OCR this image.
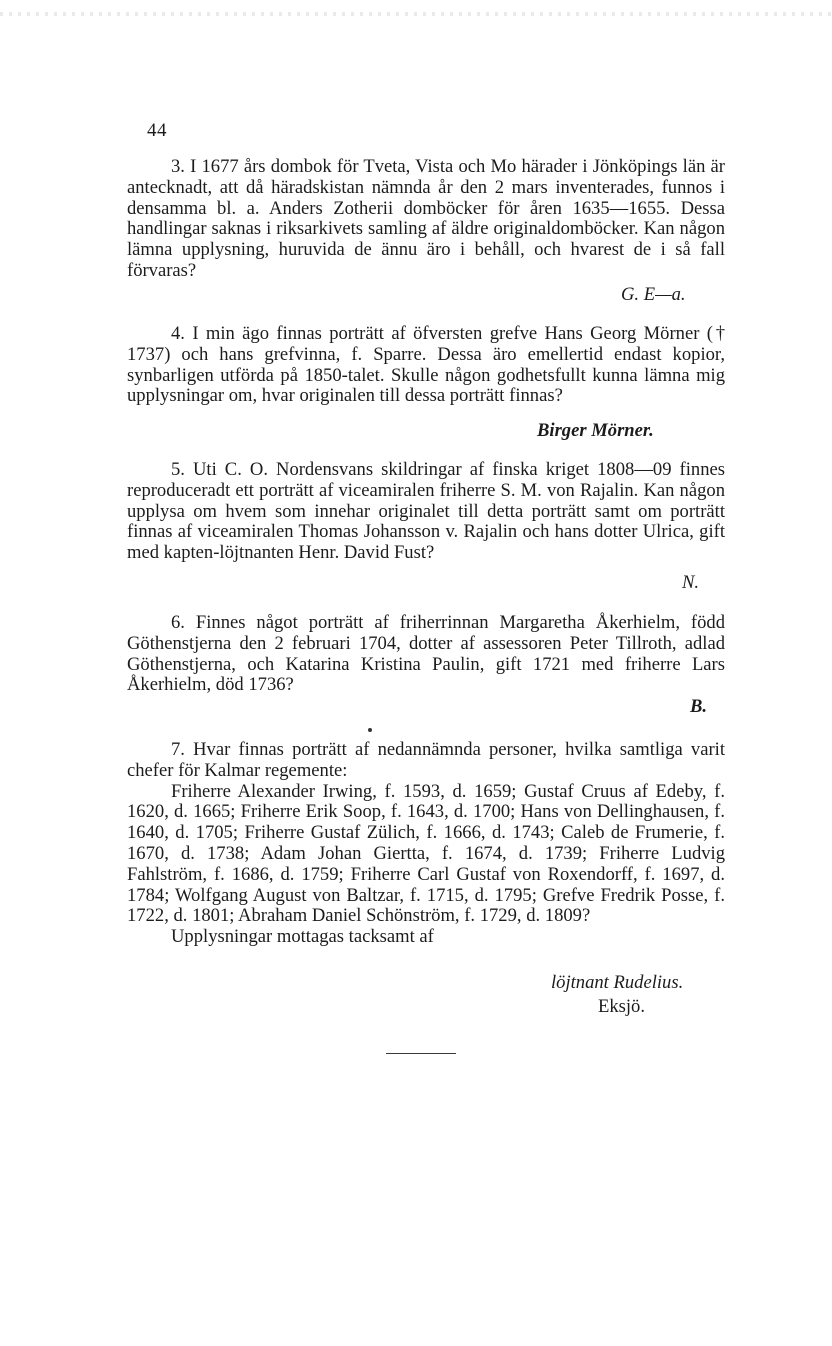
44

3. I 1677 års dombok för Tveta, Vista och Mo härader i Jönköpings län är antecknadt, att då häradskistan nämnda år den 2 mars inventerades, funnos i densamma bl. a. Anders Zotherii domböcker för åren 1635—1655. Dessa handlingar saknas i riksarkivets samling af äldre originaldomböcker. Kan någon lämna upplysning, huruvida de ännu äro i behåll, och hvarest de i så fall förvaras?

G. E—a.

4. I min ägo finnas porträtt af öfversten grefve Hans Georg Mörner († 1737) och hans grefvinna, f. Sparre. Dessa äro emellertid endast kopior, synbarligen utförda på 1850-talet. Skulle någon godhetsfullt kunna lämna mig upplysningar om, hvar originalen till dessa porträtt finnas?

Birger Mörner.

5. Uti C. O. Nordensvans skildringar af finska kriget 1808—09 finnes reproduceradt ett porträtt af viceamiralen friherre S. M. von Rajalin. Kan någon upplysa om hvem som innehar originalet till detta porträtt samt om porträtt finnas af viceamiralen Thomas Johansson v. Rajalin och hans dotter Ulrica, gift med kapten-löjtnanten Henr. David Fust?

N.

6. Finnes något porträtt af friherrinnan Margaretha Åkerhielm, född Göthenstjerna den 2 februari 1704, dotter af assessoren Peter Tillroth, adlad Göthenstjerna, och Katarina Kristina Paulin, gift 1721 med friherre Lars Åkerhielm, död 1736?

B.

7. Hvar finnas porträtt af nedannämnda personer, hvilka samtliga varit chefer för Kalmar regemente:

Friherre Alexander Irwing, f. 1593, d. 1659; Gustaf Cruus af Edeby, f. 1620, d. 1665; Friherre Erik Soop, f. 1643, d. 1700; Hans von Dellinghausen, f. 1640, d. 1705; Friherre Gustaf Zülich, f. 1666, d. 1743; Caleb de Frumerie, f. 1670, d. 1738; Adam Johan Giertta, f. 1674, d. 1739; Friherre Ludvig Fahlström, f. 1686, d. 1759; Friherre Carl Gustaf von Roxendorff, f. 1697, d. 1784; Wolfgang August von Baltzar, f. 1715, d. 1795; Grefve Fredrik Posse, f. 1722, d. 1801; Abraham Daniel Schönström, f. 1729, d. 1809?

Upplysningar mottagas tacksamt af

löjtnant Rudelius.
Eksjö.
